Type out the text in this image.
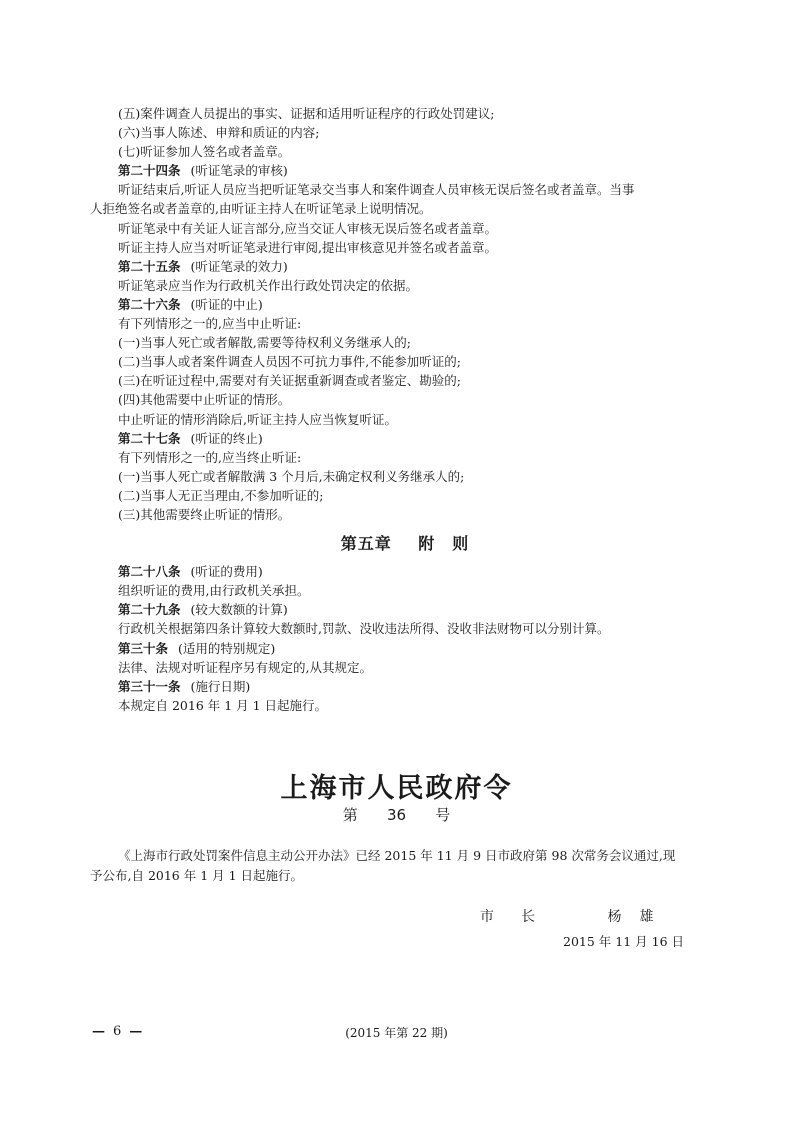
(五)案件调查人员提出的事实、证据和适用听证程序的行政处罚建议;

(六)当事人陈述、申辩和质证的内容;

(七)听证参加人签名或者盖章。

第二十四条 (听证笔录的审核)

听证结束后,听证人员应当把听证笔录交当事人和案件调查人员审核无误后签名或者盖章。当事

人拒绝签名或者盖章的,由听证主持人在听证笔录上说明情况。

听证笔录中有关证人证言部分,应当交证人审核无误后签名或者盖章。

听证主持人应当对听证笔录进行审阅,提出审核意见并签名或者盖章。

第二十五条 (听证笔录的效力)

听证笔录应当作为行政机关作出行政处罚决定的依据。

第二十六条 (听证的中止)

有下列情形之一的,应当中止听证:

(一)当事人死亡或者解散,需要等待权利义务继承人的;

(二)当事人或者案件调查人员因不可抗力事件,不能参加听证的;

(三)在听证过程中,需要对有关证据重新调查或者鉴定、勘验的;

(四)其他需要中止听证的情形。

中止听证的情形消除后,听证主持人应当恢复听证。

第二十七条 (听证的终止)

有下列情形之一的,应当终止听证:

(一)当事人死亡或者解散满 3 个月后,未确定权利义务继承人的;

(二)当事人无正当理由,不参加听证的;

(三)其他需要终止听证的情形。

第五章 附　则

第二十八条 (听证的费用)

组织听证的费用,由行政机关承担。

第二十九条 (较大数额的计算)

行政机关根据第四条计算较大数额时,罚款、没收违法所得、没收非法财物可以分别计算。

第三十条 (适用的特别规定)

法律、法规对听证程序另有规定的,从其规定。

第三十一条 (施行日期)

本规定自 2016 年 1 月 1 日起施行。

上海市人民政府令
第 36 号

《上海市行政处罚案件信息主动公开办法》已经 2015 年 11 月 9 日市政府第 98 次常务会议通过,现

予公布,自 2016 年 1 月 1 日起施行。

市 长	杨雄
2015 年 11 月 16 日
— 6 —	(2015 年第 22 期)
